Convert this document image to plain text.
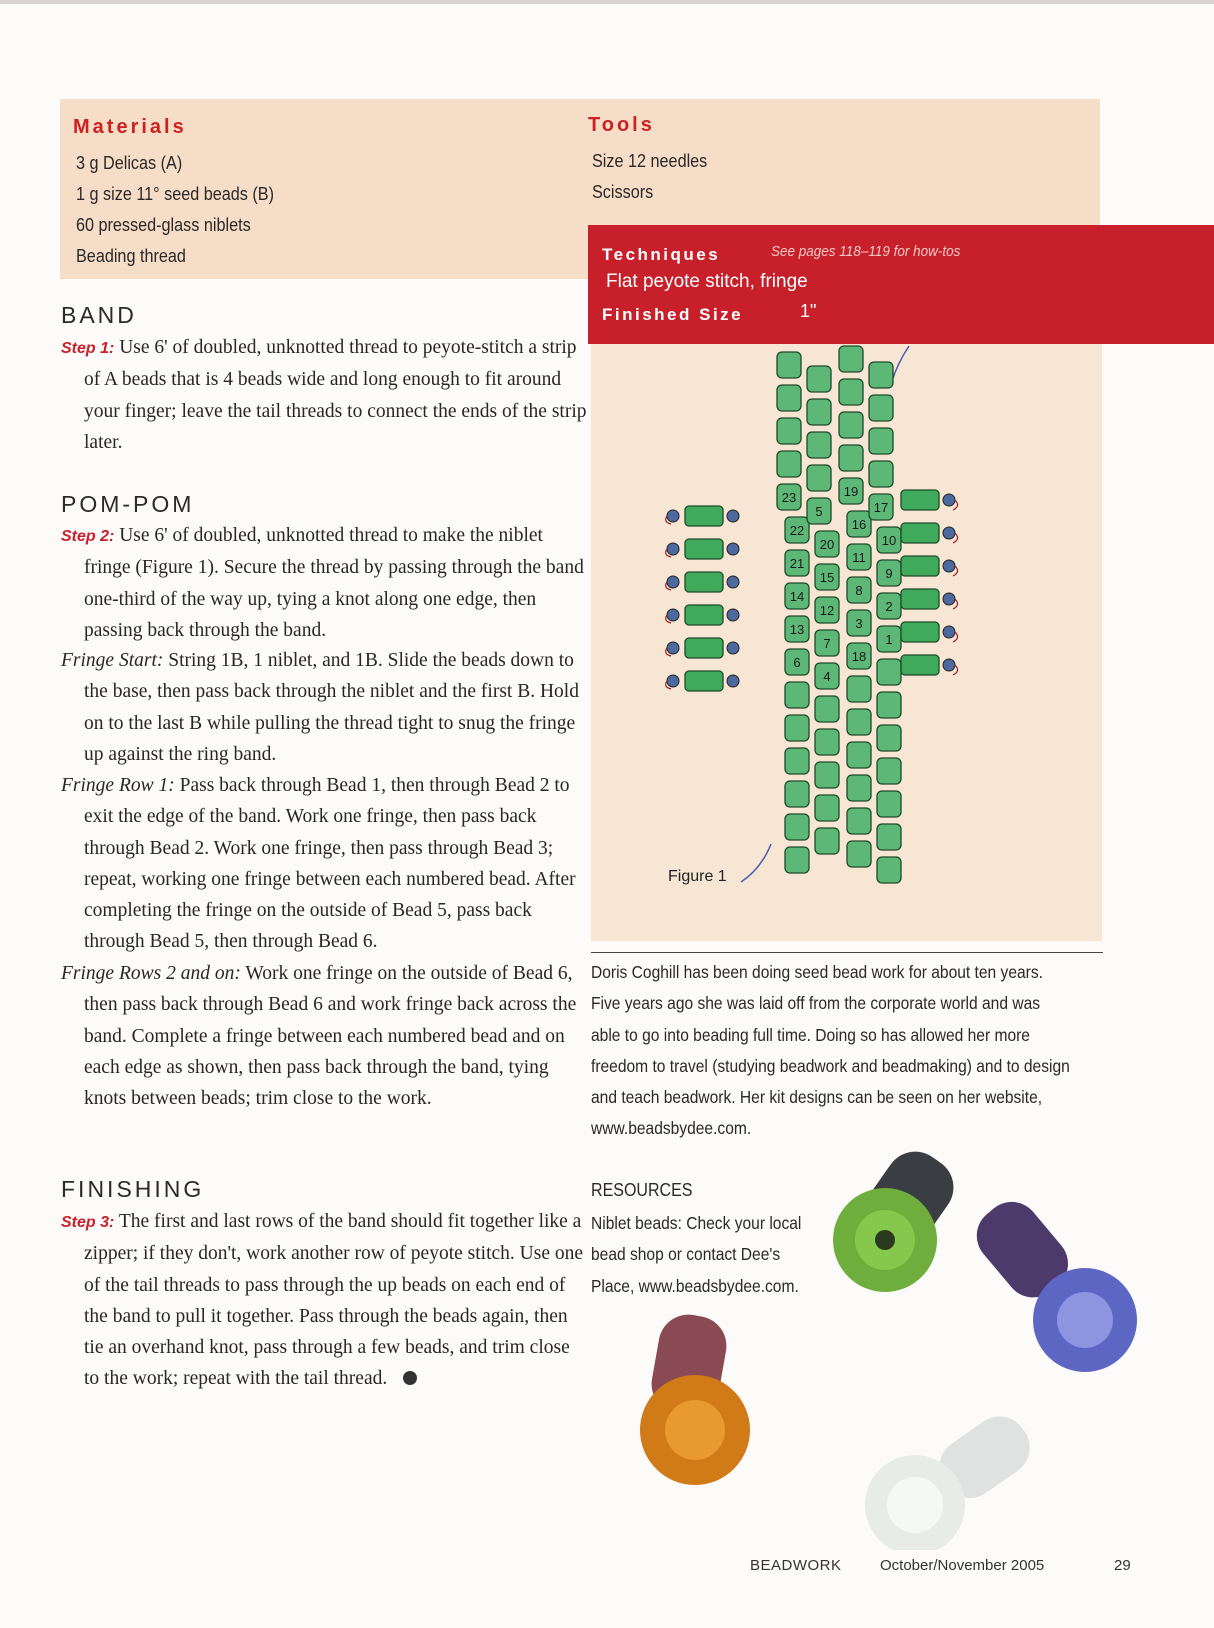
Materials
3 g Delicas (A)
1 g size 11° seed beads (B)
60 pressed-glass niblets
Beading thread
Tools
Size 12 needles
Scissors
Techniques	See pages 118–119 for how-tos
Flat peyote stitch, fringe
Finished Size	1"
23
22
21
14
13
6
5
20
15
12
7
4
19
16
11
8
3
18
17
10
9
2
1
Figure 1
BAND

Step 1: Use 6' of doubled, unknotted thread to peyote-stitch a strip of A beads that is 4 beads wide and long enough to fit around your finger; leave the tail threads to connect the ends of the strip later.

POM-POM

Step 2: Use 6' of doubled, unknotted thread to make the niblet fringe (Figure 1). Secure the thread by passing through the band one-third of the way up, tying a knot along one edge, then passing back through the band.

Fringe Start: String 1B, 1 niblet, and 1B. Slide the beads down to the base, then pass back through the niblet and the first B. Hold on to the last B while pulling the thread tight to snug the fringe up against the ring band.

Fringe Row 1: Pass back through Bead 1, then through Bead 2 to exit the edge of the band. Work one fringe, then pass back through Bead 2. Work one fringe, then pass through Bead 3; repeat, working one fringe between each numbered bead. After completing the fringe on the outside of Bead 5, pass back through Bead 5, then through Bead 6.

Fringe Rows 2 and on: Work one fringe on the outside of Bead 6, then pass back through Bead 6 and work fringe back across the band. Complete a fringe between each numbered bead and on each edge as shown, then pass back through the band, tying knots between beads; trim close to the work.

FINISHING

Step 3: The first and last rows of the band should fit together like a zipper; if they don't, work another row of peyote stitch. Use one of the tail threads to pass through the up beads on each end of the band to pull it together. Pass through the beads again, then tie an overhand knot, pass through a few beads, and trim close to the work; repeat with the tail thread.

Doris Coghill has been doing seed bead work for about ten years. Five years ago she was laid off from the corporate world and was able to go into beading full time. Doing so has allowed her more freedom to travel (studying beadwork and beadmaking) and to design and teach beadwork. Her kit designs can be seen on her website, www.beadsbydee.com.

RESOURCES

Niblet beads: Check your local bead shop or contact Dee's Place, www.beadsbydee.com.

BEADWORK	October/November 2005	29
